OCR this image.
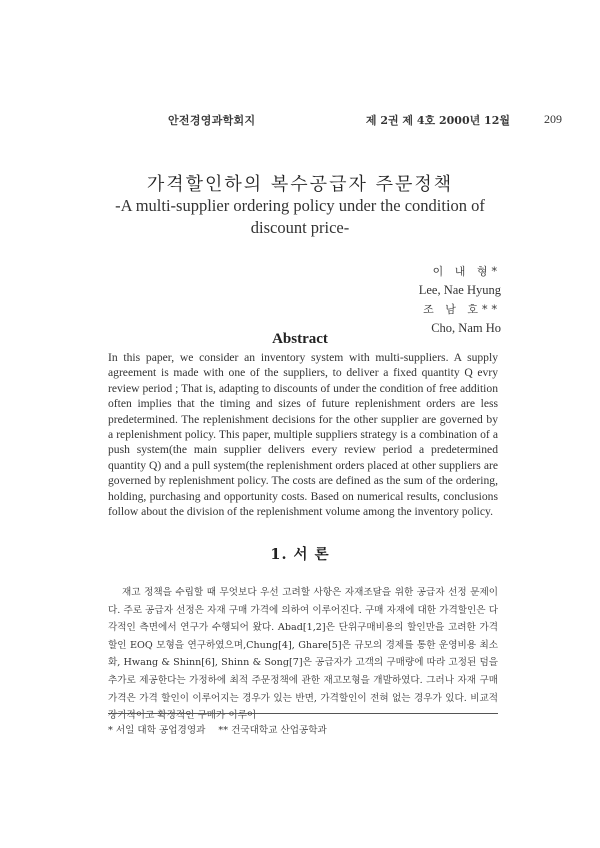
안전경영과학회지	제 2권 제 4호 2000년 12월	209
가격할인하의 복수공급자 주문정책
-A multi-supplier ordering policy under the condition of discount price-
이 내 형*
Lee, Nae Hyung
조 남 호**
Cho, Nam Ho
Abstract
In this paper, we consider an inventory system with multi-suppliers. A supply agreement is made with one of the suppliers, to deliver a fixed quantity Q evry review period ; That is, adapting to discounts of under the condition of free addition often implies that the timing and sizes of future replenishment orders are less predetermined. The replenishment decisions for the other supplier are governed by a replenishment policy. This paper, multiple suppliers strategy is a combination of a push system(the main supplier delivers every review period a predetermined quantity Q) and a pull system(the replenishment orders placed at other suppliers are governed by replenishment policy. The costs are defined as the sum of the ordering, holding, purchasing and opportunity costs. Based on numerical results, conclusions follow about the division of the replenishment volume among the inventory policy.
1. 서 론

재고 정책을 수립할 때 무엇보다 우선 고려할 사항은 자재조달을 위한 공급자 선정 문제이다. 주로 공급자 선정은 자재 구매 가격에 의하여 이루어진다. 구매 자재에 대한 가격할인은 다각적인 측면에서 연구가 수행되어 왔다. Abad[1,2]은 단위구매비용의 할인만을 고려한 가격할인 EOQ 모형을 연구하였으며,Chung[4], Ghare[5]은 규모의 경제를 통한 운영비용 최소화, Hwang & Shinn[6], Shinn & Song[7]은 공급자가 고객의 구매량에 따라 고정된 덤을 추가로 제공한다는 가정하에 최적 주문정책에 관한 재고모형을 개발하였다. 그러나 자재 구매가격은 가격 할인이 이루어지는 경우가 있는 반면, 가격할인이 전혀 없는 경우가 있다. 비교적 장기적이고 확정적인 구매가 이루어

* 서일 대학 공업경영과 ** 건국대학교 산업공학과
